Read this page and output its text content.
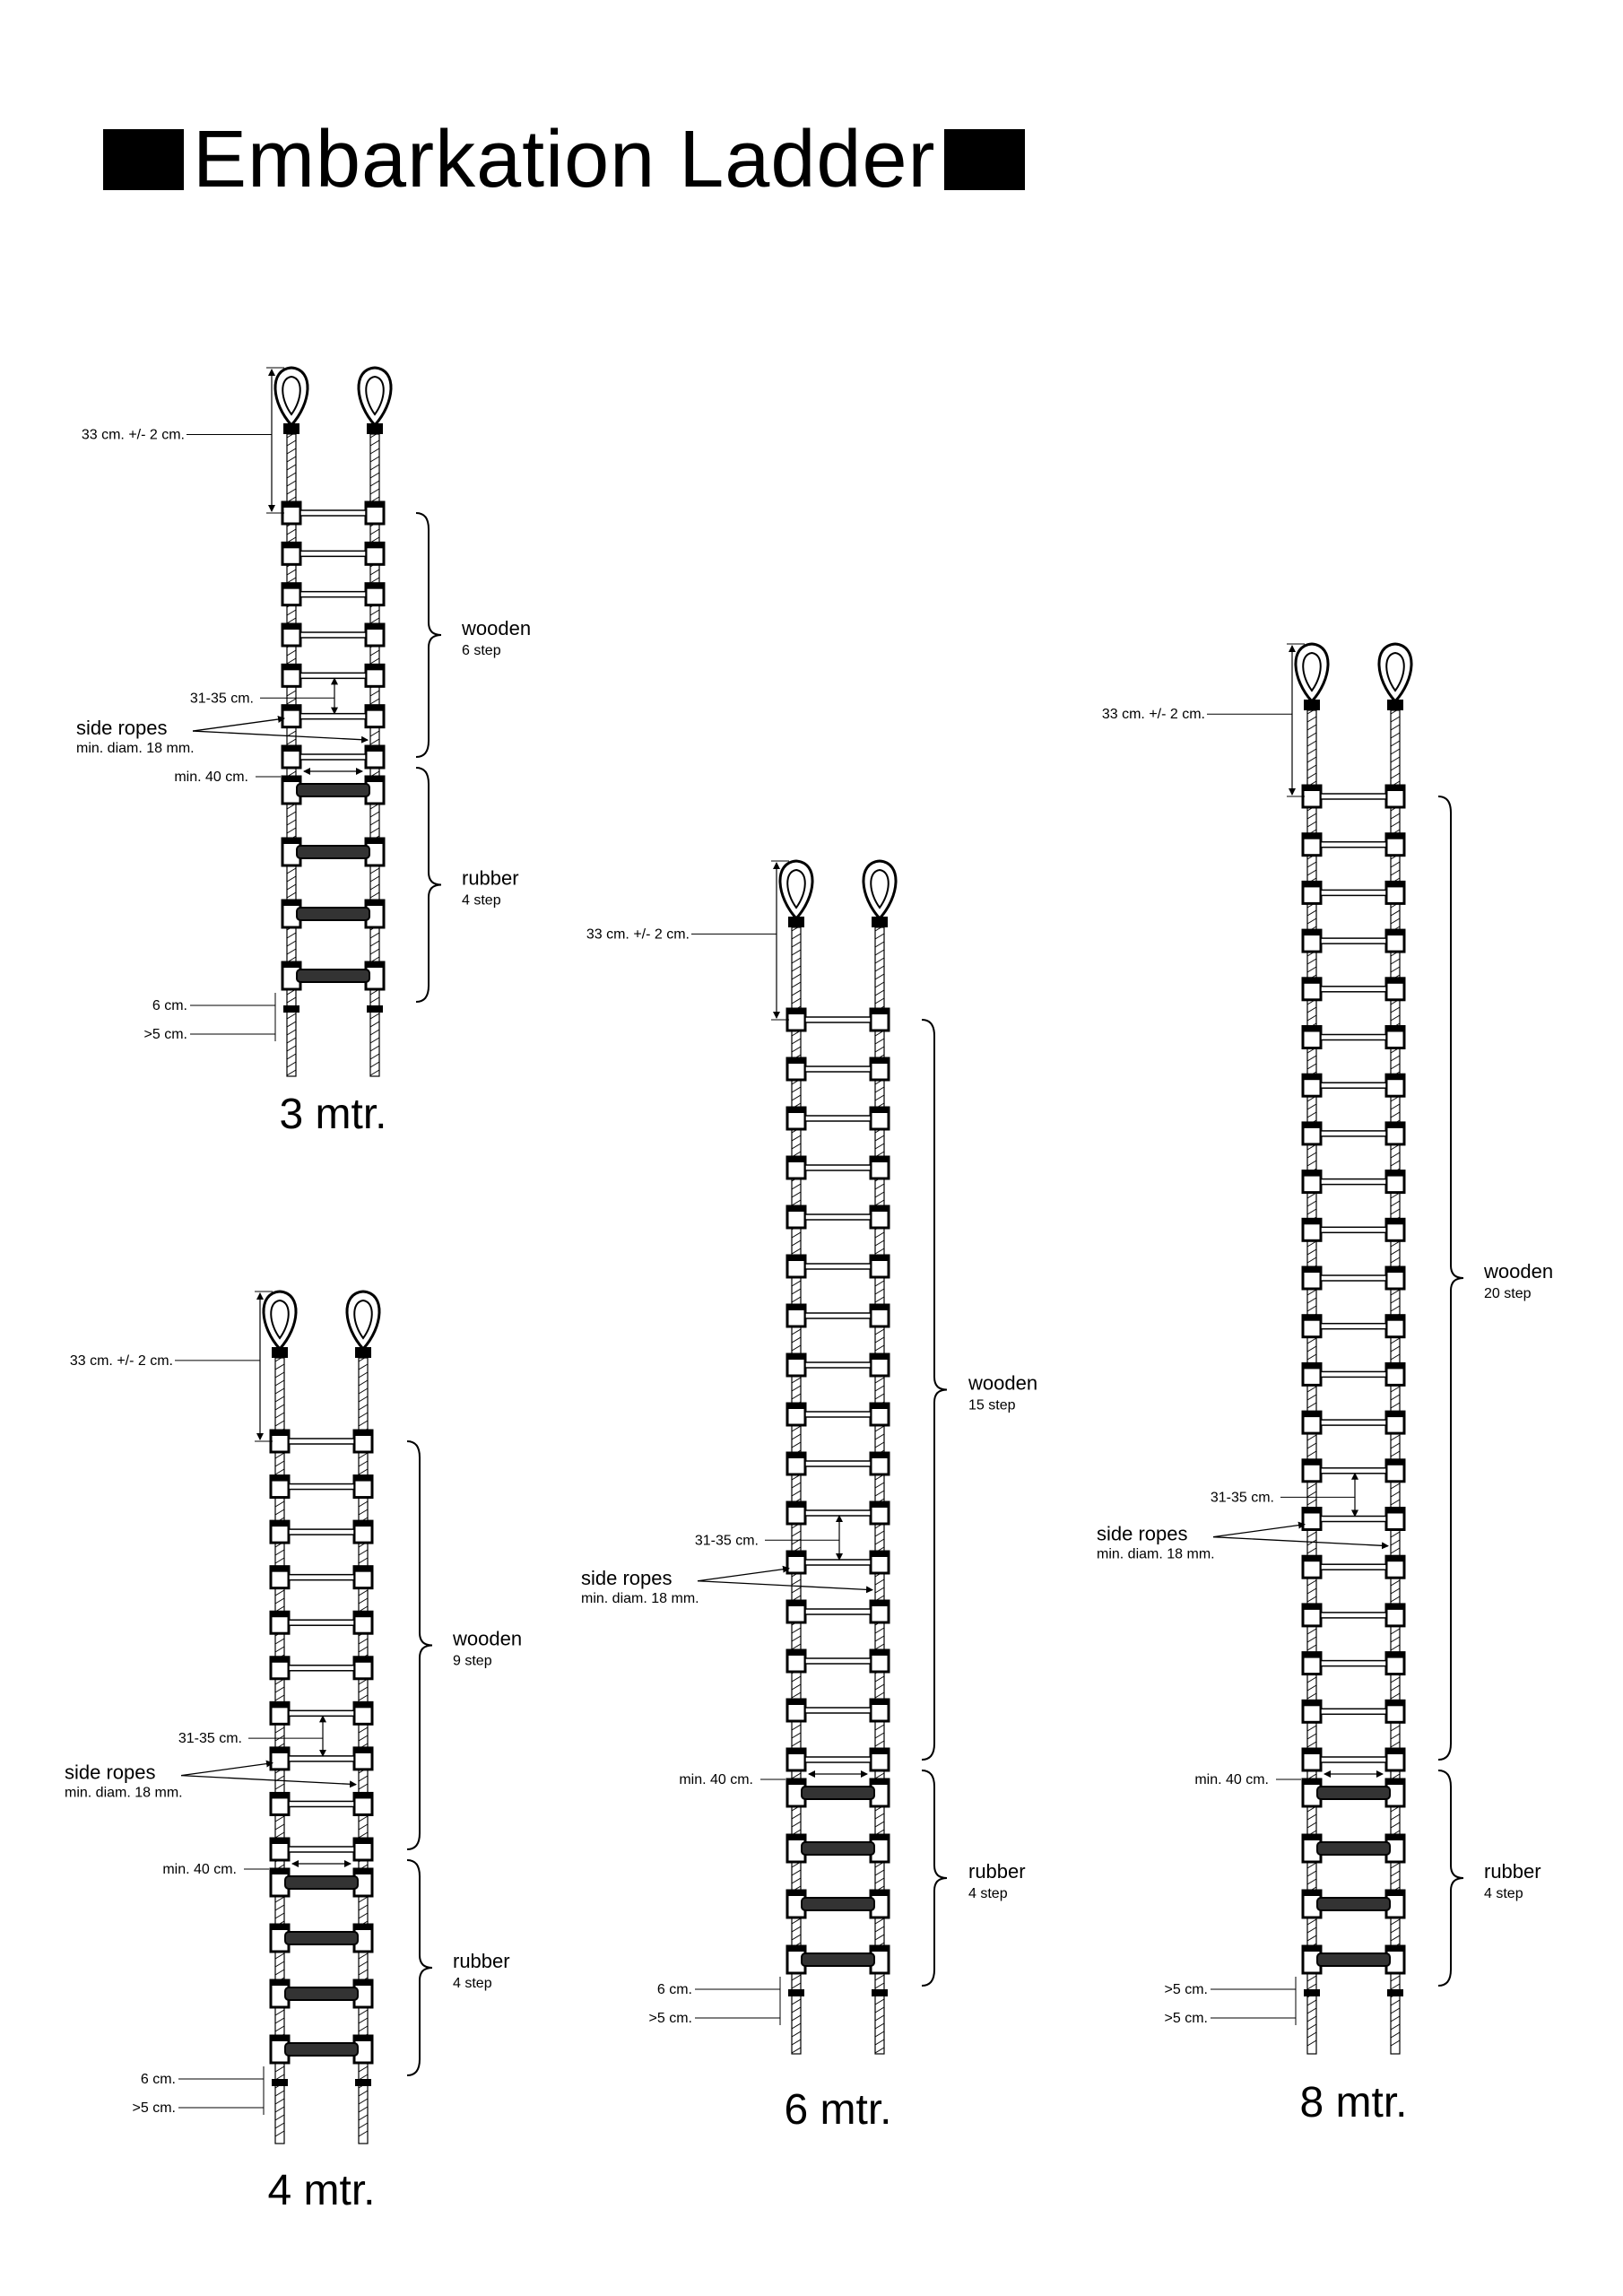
Embarkation Ladder
33 cm. +/- 2 cm.
31-35 cm.
side ropes
min. diam. 18 mm.
min. 40 cm.
wooden
6 step
rubber
4 step
6 cm.
>5 cm.
3 mtr.
33 cm. +/- 2 cm.
31-35 cm.
side ropes
min. diam. 18 mm.
min. 40 cm.
wooden
9 step
rubber
4 step
6 cm.
>5 cm.
4 mtr.
33 cm. +/- 2 cm.
31-35 cm.
side ropes
min. diam. 18 mm.
min. 40 cm.
wooden
15 step
rubber
4 step
6 cm.
>5 cm.
6 mtr.
33 cm. +/- 2 cm.
31-35 cm.
side ropes
min. diam. 18 mm.
min. 40 cm.
wooden
20 step
rubber
4 step
>5 cm.
>5 cm.
8 mtr.
